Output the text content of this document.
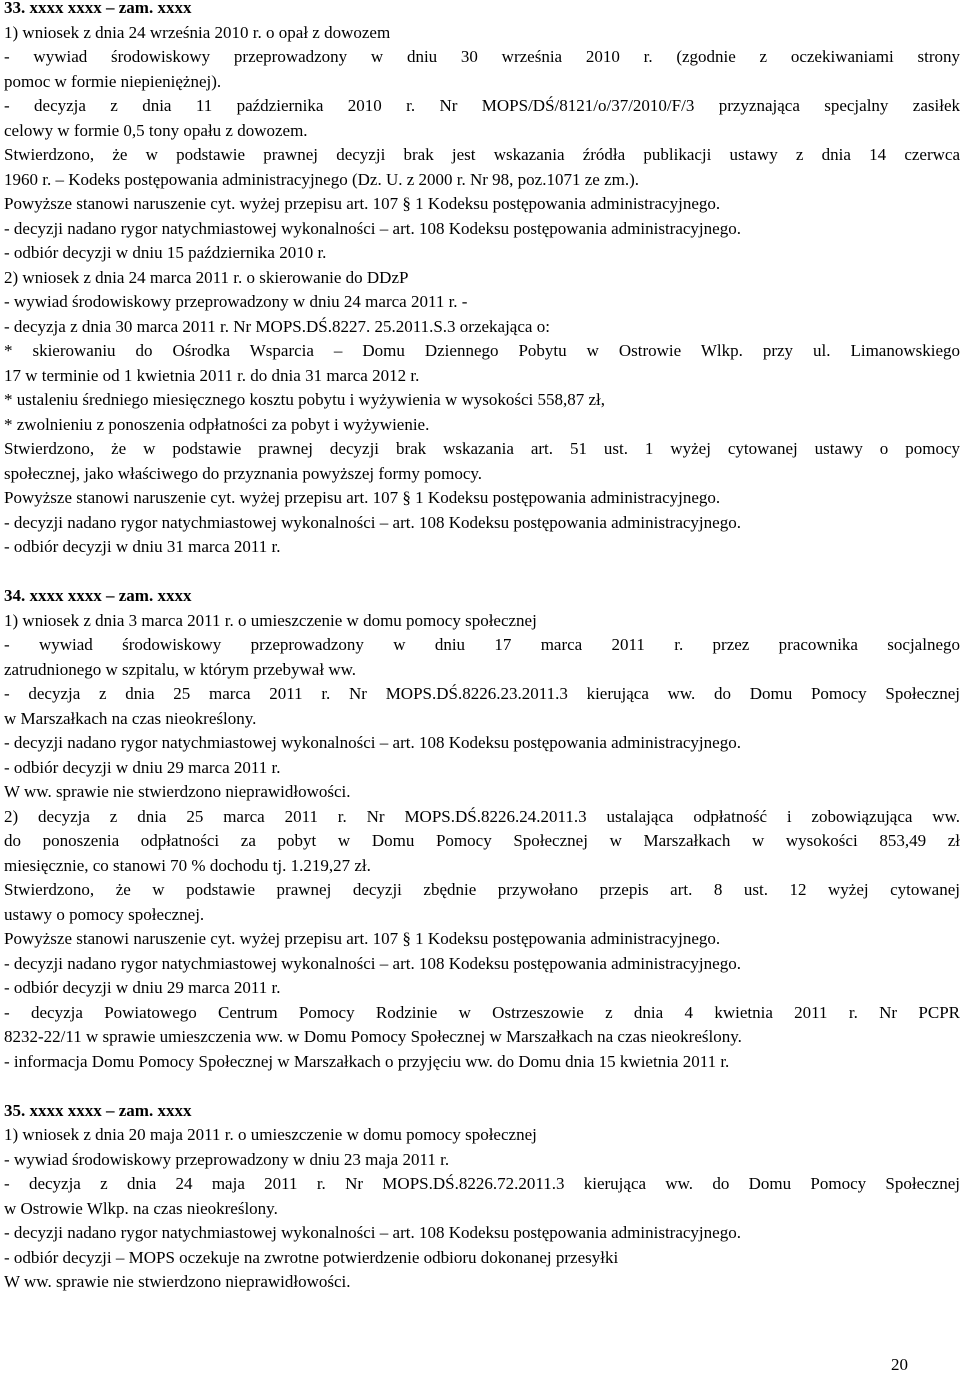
33. xxxx xxxx – zam. xxxx
1) wniosek z dnia 24 września 2010 r. o opał z dowozem
- wywiad środowiskowy przeprowadzony w dniu 30 września 2010 r. (zgodnie z oczekiwaniami strony
pomoc w formie niepieniężnej).
- decyzja z dnia 11 października 2010 r. Nr MOPS/DŚ/8121/o/37/2010/F/3 przyznająca specjalny zasiłek
celowy w formie 0,5 tony opału z dowozem.
Stwierdzono, że w podstawie prawnej decyzji brak jest wskazania źródła publikacji ustawy z dnia 14 czerwca
1960 r. – Kodeks postępowania administracyjnego (Dz. U. z 2000 r. Nr 98, poz.1071 ze zm.).
Powyższe stanowi naruszenie cyt. wyżej przepisu art. 107 § 1 Kodeksu postępowania administracyjnego.
- decyzji nadano rygor natychmiastowej wykonalności – art. 108 Kodeksu postępowania administracyjnego.
- odbiór decyzji w dniu 15 października 2010 r.
2) wniosek z dnia 24 marca 2011 r. o skierowanie do DDzP
- wywiad środowiskowy przeprowadzony w dniu 24 marca 2011 r. -
- decyzja z dnia 30 marca 2011 r. Nr MOPS.DŚ.8227. 25.2011.S.3 orzekająca o:
* skierowaniu do Ośrodka Wsparcia – Domu Dziennego Pobytu w Ostrowie Wlkp. przy ul. Limanowskiego
17 w terminie od 1 kwietnia 2011 r. do dnia 31 marca 2012 r.
* ustaleniu średniego miesięcznego kosztu pobytu i wyżywienia w wysokości 558,87 zł,
* zwolnieniu z ponoszenia odpłatności za pobyt i wyżywienie.
Stwierdzono, że w podstawie prawnej decyzji brak wskazania art. 51 ust. 1 wyżej cytowanej ustawy o pomocy
społecznej, jako właściwego do przyznania powyższej formy pomocy.
Powyższe stanowi naruszenie cyt. wyżej przepisu art. 107 § 1 Kodeksu postępowania administracyjnego.
- decyzji nadano rygor natychmiastowej wykonalności – art. 108 Kodeksu postępowania administracyjnego.
- odbiór decyzji w dniu 31 marca 2011 r.
34. xxxx xxxx – zam. xxxx
1) wniosek z dnia 3 marca 2011 r. o umieszczenie w domu pomocy społecznej
- wywiad środowiskowy przeprowadzony w dniu 17 marca 2011 r. przez pracownika socjalnego
zatrudnionego w szpitalu, w którym przebywał ww.
- decyzja z dnia 25 marca 2011 r. Nr MOPS.DŚ.8226.23.2011.3 kierująca ww. do Domu Pomocy Społecznej
w Marszałkach na czas nieokreślony.
- decyzji nadano rygor natychmiastowej wykonalności – art. 108 Kodeksu postępowania administracyjnego.
- odbiór decyzji w dniu 29 marca 2011 r.
W ww. sprawie nie stwierdzono nieprawidłowości.
2) decyzja z dnia 25 marca 2011 r. Nr MOPS.DŚ.8226.24.2011.3 ustalająca odpłatność i zobowiązująca ww.
do ponoszenia odpłatności za pobyt w Domu Pomocy Społecznej w Marszałkach w wysokości 853,49 zł
miesięcznie, co stanowi 70 % dochodu tj. 1.219,27 zł.
Stwierdzono, że w podstawie prawnej decyzji zbędnie przywołano przepis art. 8 ust. 12 wyżej cytowanej
ustawy o pomocy społecznej.
Powyższe stanowi naruszenie cyt. wyżej przepisu art. 107 § 1 Kodeksu postępowania administracyjnego.
- decyzji nadano rygor natychmiastowej wykonalności – art. 108 Kodeksu postępowania administracyjnego.
- odbiór decyzji w dniu 29 marca 2011 r.
- decyzja Powiatowego Centrum Pomocy Rodzinie w Ostrzeszowie z dnia 4 kwietnia 2011 r. Nr PCPR
8232-22/11 w sprawie umieszczenia ww. w Domu Pomocy Społecznej w Marszałkach na czas nieokreślony.
- informacja Domu Pomocy Społecznej w Marszałkach o przyjęciu ww. do Domu dnia 15 kwietnia 2011 r.
35. xxxx xxxx – zam. xxxx
1) wniosek z dnia 20 maja 2011 r. o umieszczenie w domu pomocy społecznej
- wywiad środowiskowy przeprowadzony w dniu 23 maja 2011 r.
- decyzja z dnia 24 maja 2011 r. Nr MOPS.DŚ.8226.72.2011.3 kierująca ww. do Domu Pomocy Społecznej
w Ostrowie Wlkp. na czas nieokreślony.
- decyzji nadano rygor natychmiastowej wykonalności – art. 108 Kodeksu postępowania administracyjnego.
- odbiór decyzji – MOPS oczekuje na zwrotne potwierdzenie odbioru dokonanej przesyłki
W ww. sprawie nie stwierdzono nieprawidłowości.
20
